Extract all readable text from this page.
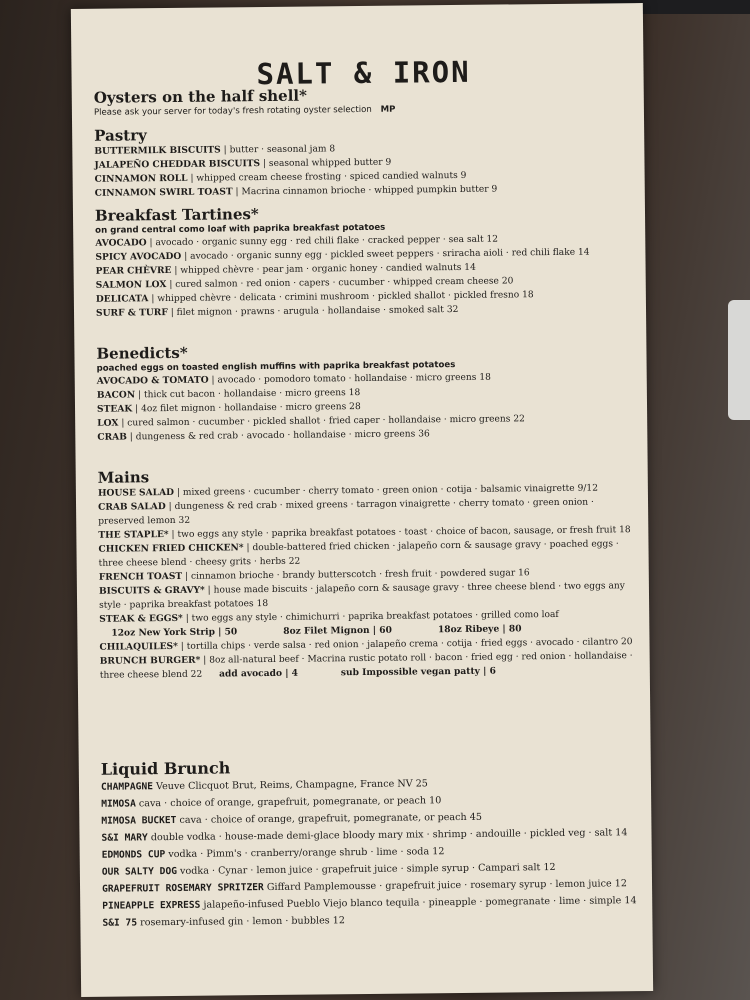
SALT & IRON
Oysters on the half shell*
Please ask your server for today's fresh rotating oyster selection MP
Pastry
BUTTERMILK BISCUITS | butter · seasonal jam 8
JALAPEÑO CHEDDAR BISCUITS | seasonal whipped butter 9
CINNAMON ROLL | whipped cream cheese frosting · spiced candied walnuts 9
CINNAMON SWIRL TOAST | Macrina cinnamon brioche · whipped pumpkin butter 9
Breakfast Tartines*
on grand central como loaf with paprika breakfast potatoes
AVOCADO | avocado · organic sunny egg · red chili flake · cracked pepper · sea salt 12
SPICY AVOCADO | avocado · organic sunny egg · pickled sweet peppers · sriracha aioli · red chili flake 14
PEAR CHÈVRE | whipped chèvre · pear jam · organic honey · candied walnuts 14
SALMON LOX | cured salmon · red onion · capers · cucumber · whipped cream cheese 20
DELICATA | whipped chèvre · delicata · crimini mushroom · pickled shallot · pickled fresno 18
SURF & TURF | filet mignon · prawns · arugula · hollandaise · smoked salt 32
Benedicts*
poached eggs on toasted english muffins with paprika breakfast potatoes
AVOCADO & TOMATO | avocado · pomodoro tomato · hollandaise · micro greens 18
BACON | thick cut bacon · hollandaise · micro greens 18
STEAK | 4oz filet mignon · hollandaise · micro greens 28
LOX | cured salmon · cucumber · pickled shallot · fried caper · hollandaise · micro greens 22
CRAB | dungeness & red crab · avocado · hollandaise · micro greens 36
Mains
HOUSE SALAD | mixed greens · cucumber · cherry tomato · green onion · cotija · balsamic vinaigrette 9/12
CRAB SALAD | dungeness & red crab · mixed greens · tarragon vinaigrette · cherry tomato · green onion ·
preserved lemon 32
THE STAPLE* | two eggs any style · paprika breakfast potatoes · toast · choice of bacon, sausage, or fresh fruit 18
CHICKEN FRIED CHICKEN* | double-battered fried chicken · jalapeño corn & sausage gravy · poached eggs ·
three cheese blend · cheesy grits · herbs 22
FRENCH TOAST | cinnamon brioche · brandy butterscotch · fresh fruit · powdered sugar 16
BISCUITS & GRAVY* | house made biscuits · jalapeño corn & sausage gravy · three cheese blend · two eggs any
style · paprika breakfast potatoes 18
STEAK & EGGS* | two eggs any style · chimichurri · paprika breakfast potatoes · grilled como loaf
12oz New York Strip | 50	8oz Filet Mignon | 60	18oz Ribeye | 80
CHILAQUILES* | tortilla chips · verde salsa · red onion · jalapeño crema · cotija · fried eggs · avocado · cilantro 20
BRUNCH BURGER* | 8oz all-natural beef · Macrina rustic potato roll · bacon · fried egg · red onion · hollandaise ·
three cheese blend 22 add avocado | 4	sub Impossible vegan patty | 6
Liquid Brunch
CHAMPAGNE Veuve Clicquot Brut, Reims, Champagne, France NV 25
MIMOSA cava · choice of orange, grapefruit, pomegranate, or peach 10
MIMOSA BUCKET cava · choice of orange, grapefruit, pomegranate, or peach 45
S&I MARY double vodka · house-made demi-glace bloody mary mix · shrimp · andouille · pickled veg · salt 14
EDMONDS CUP vodka · Pimm's · cranberry/orange shrub · lime · soda 12
OUR SALTY DOG vodka · Cynar · lemon juice · grapefruit juice · simple syrup · Campari salt 12
GRAPEFRUIT ROSEMARY SPRITZER Giffard Pamplemousse · grapefruit juice · rosemary syrup · lemon juice 12
PINEAPPLE EXPRESS jalapeño-infused Pueblo Viejo blanco tequila · pineapple · pomegranate · lime · simple 14
S&I 75 rosemary-infused gin · lemon · bubbles 12
